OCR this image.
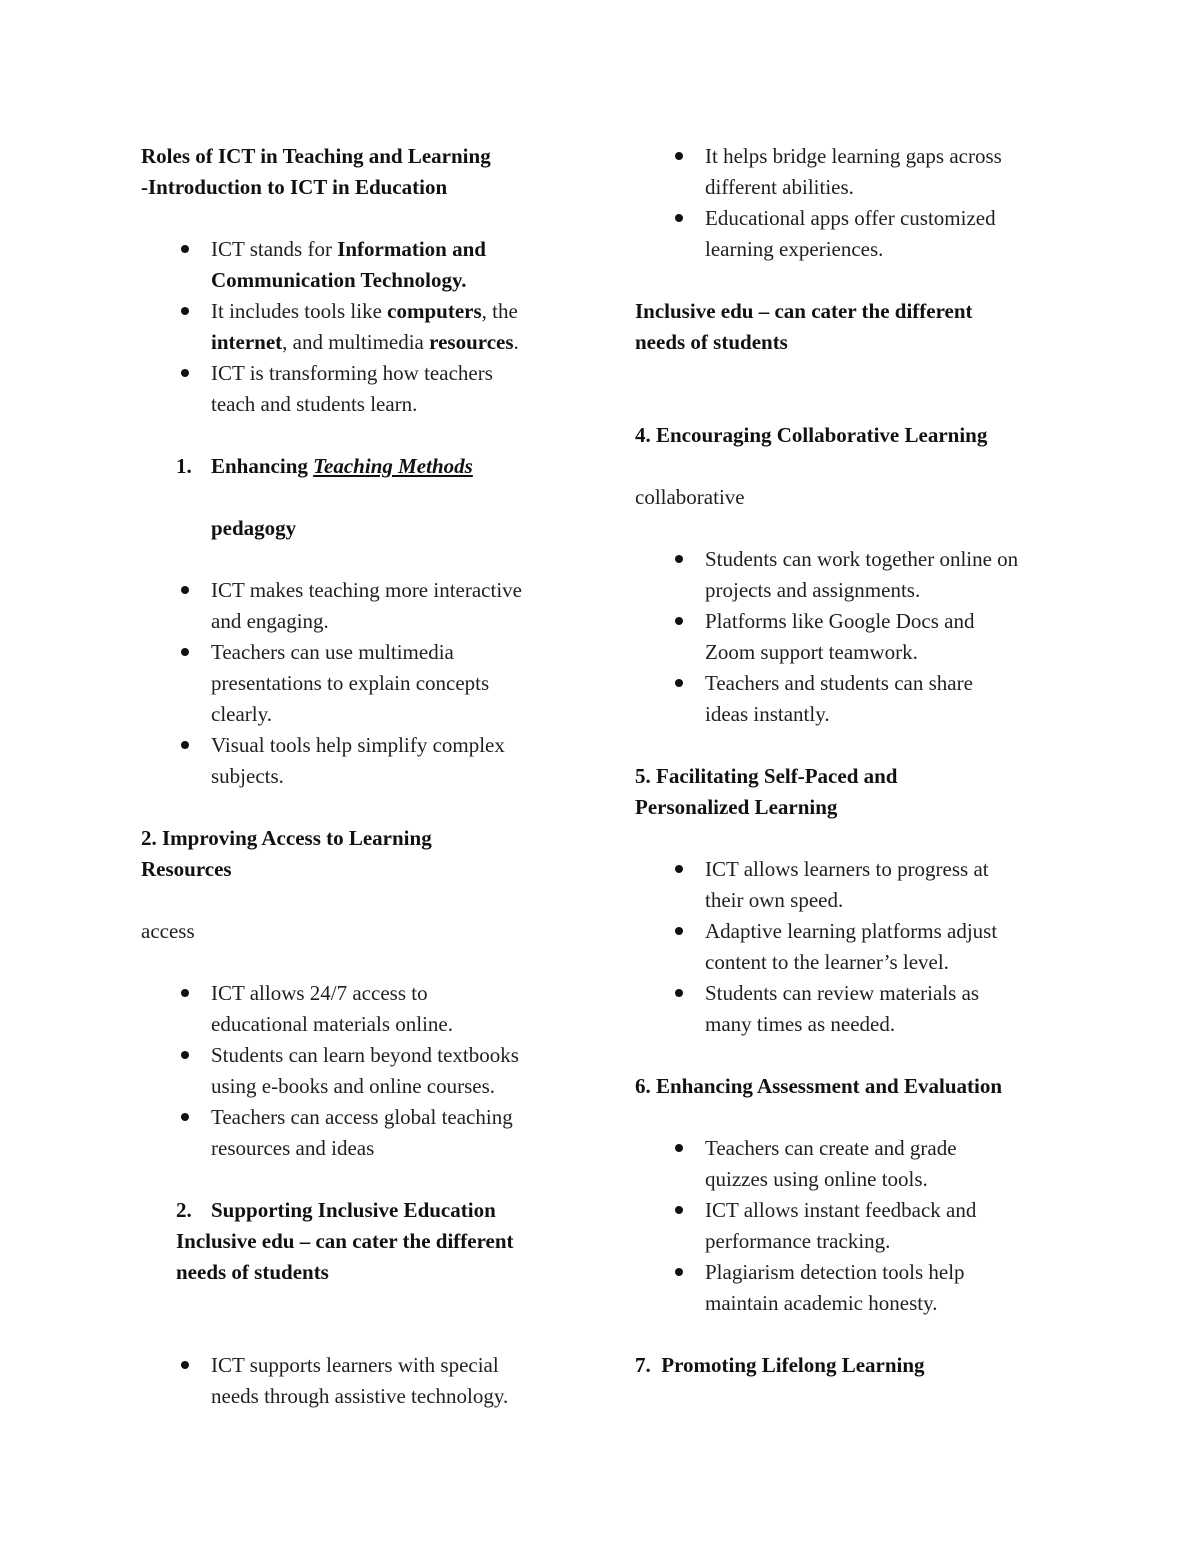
Roles of ICT in Teaching and Learning

-Introduction to ICT in Education

ICT stands for Information and
Communication Technology.
It includes tools like computers, the
internet, and multimedia resources.
ICT is transforming how teachers
teach and students learn.

1. Enhancing Teaching Methods

pedagogy

ICT makes teaching more interactive
and engaging.
Teachers can use multimedia
presentations to explain concepts
clearly.
Visual tools help simplify complex
subjects.

2. Improving Access to Learning

Resources

access

ICT allows 24/7 access to
educational materials online.
Students can learn beyond textbooks
using e-books and online courses.
Teachers can access global teaching
resources and ideas

2. Supporting Inclusive Education

Inclusive edu – can cater the different

needs of students

ICT supports learners with special
needs through assistive technology.
It helps bridge learning gaps across
different abilities.
Educational apps offer customized
learning experiences.

Inclusive edu – can cater the different

needs of students

4. Encouraging Collaborative Learning

collaborative

Students can work together online on
projects and assignments.
Platforms like Google Docs and
Zoom support teamwork.
Teachers and students can share
ideas instantly.

5. Facilitating Self-Paced and

Personalized Learning

ICT allows learners to progress at
their own speed.
Adaptive learning platforms adjust
content to the learner’s level.
Students can review materials as
many times as needed.

6. Enhancing Assessment and Evaluation

Teachers can create and grade
quizzes using online tools.
ICT allows instant feedback and
performance tracking.
Plagiarism detection tools help
maintain academic honesty.

7. Promoting Lifelong Learning
